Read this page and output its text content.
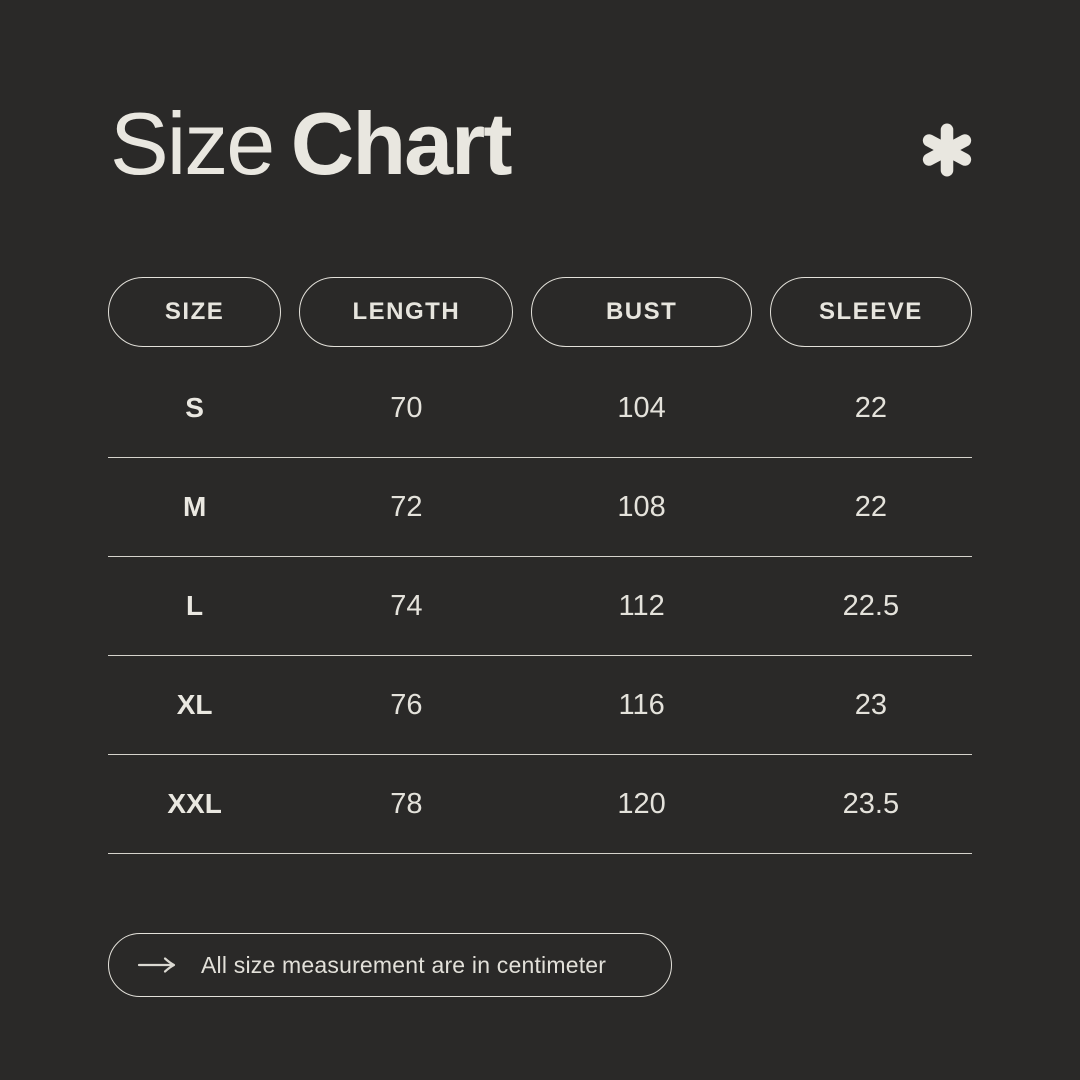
Size Chart
SIZE	LENGTH	BUST	SLEEVE
S	70	104	22
M	72	108	22
L	74	112	22.5
XL	76	116	23
XXL	78	120	23.5
All size measurement are in centimeter
